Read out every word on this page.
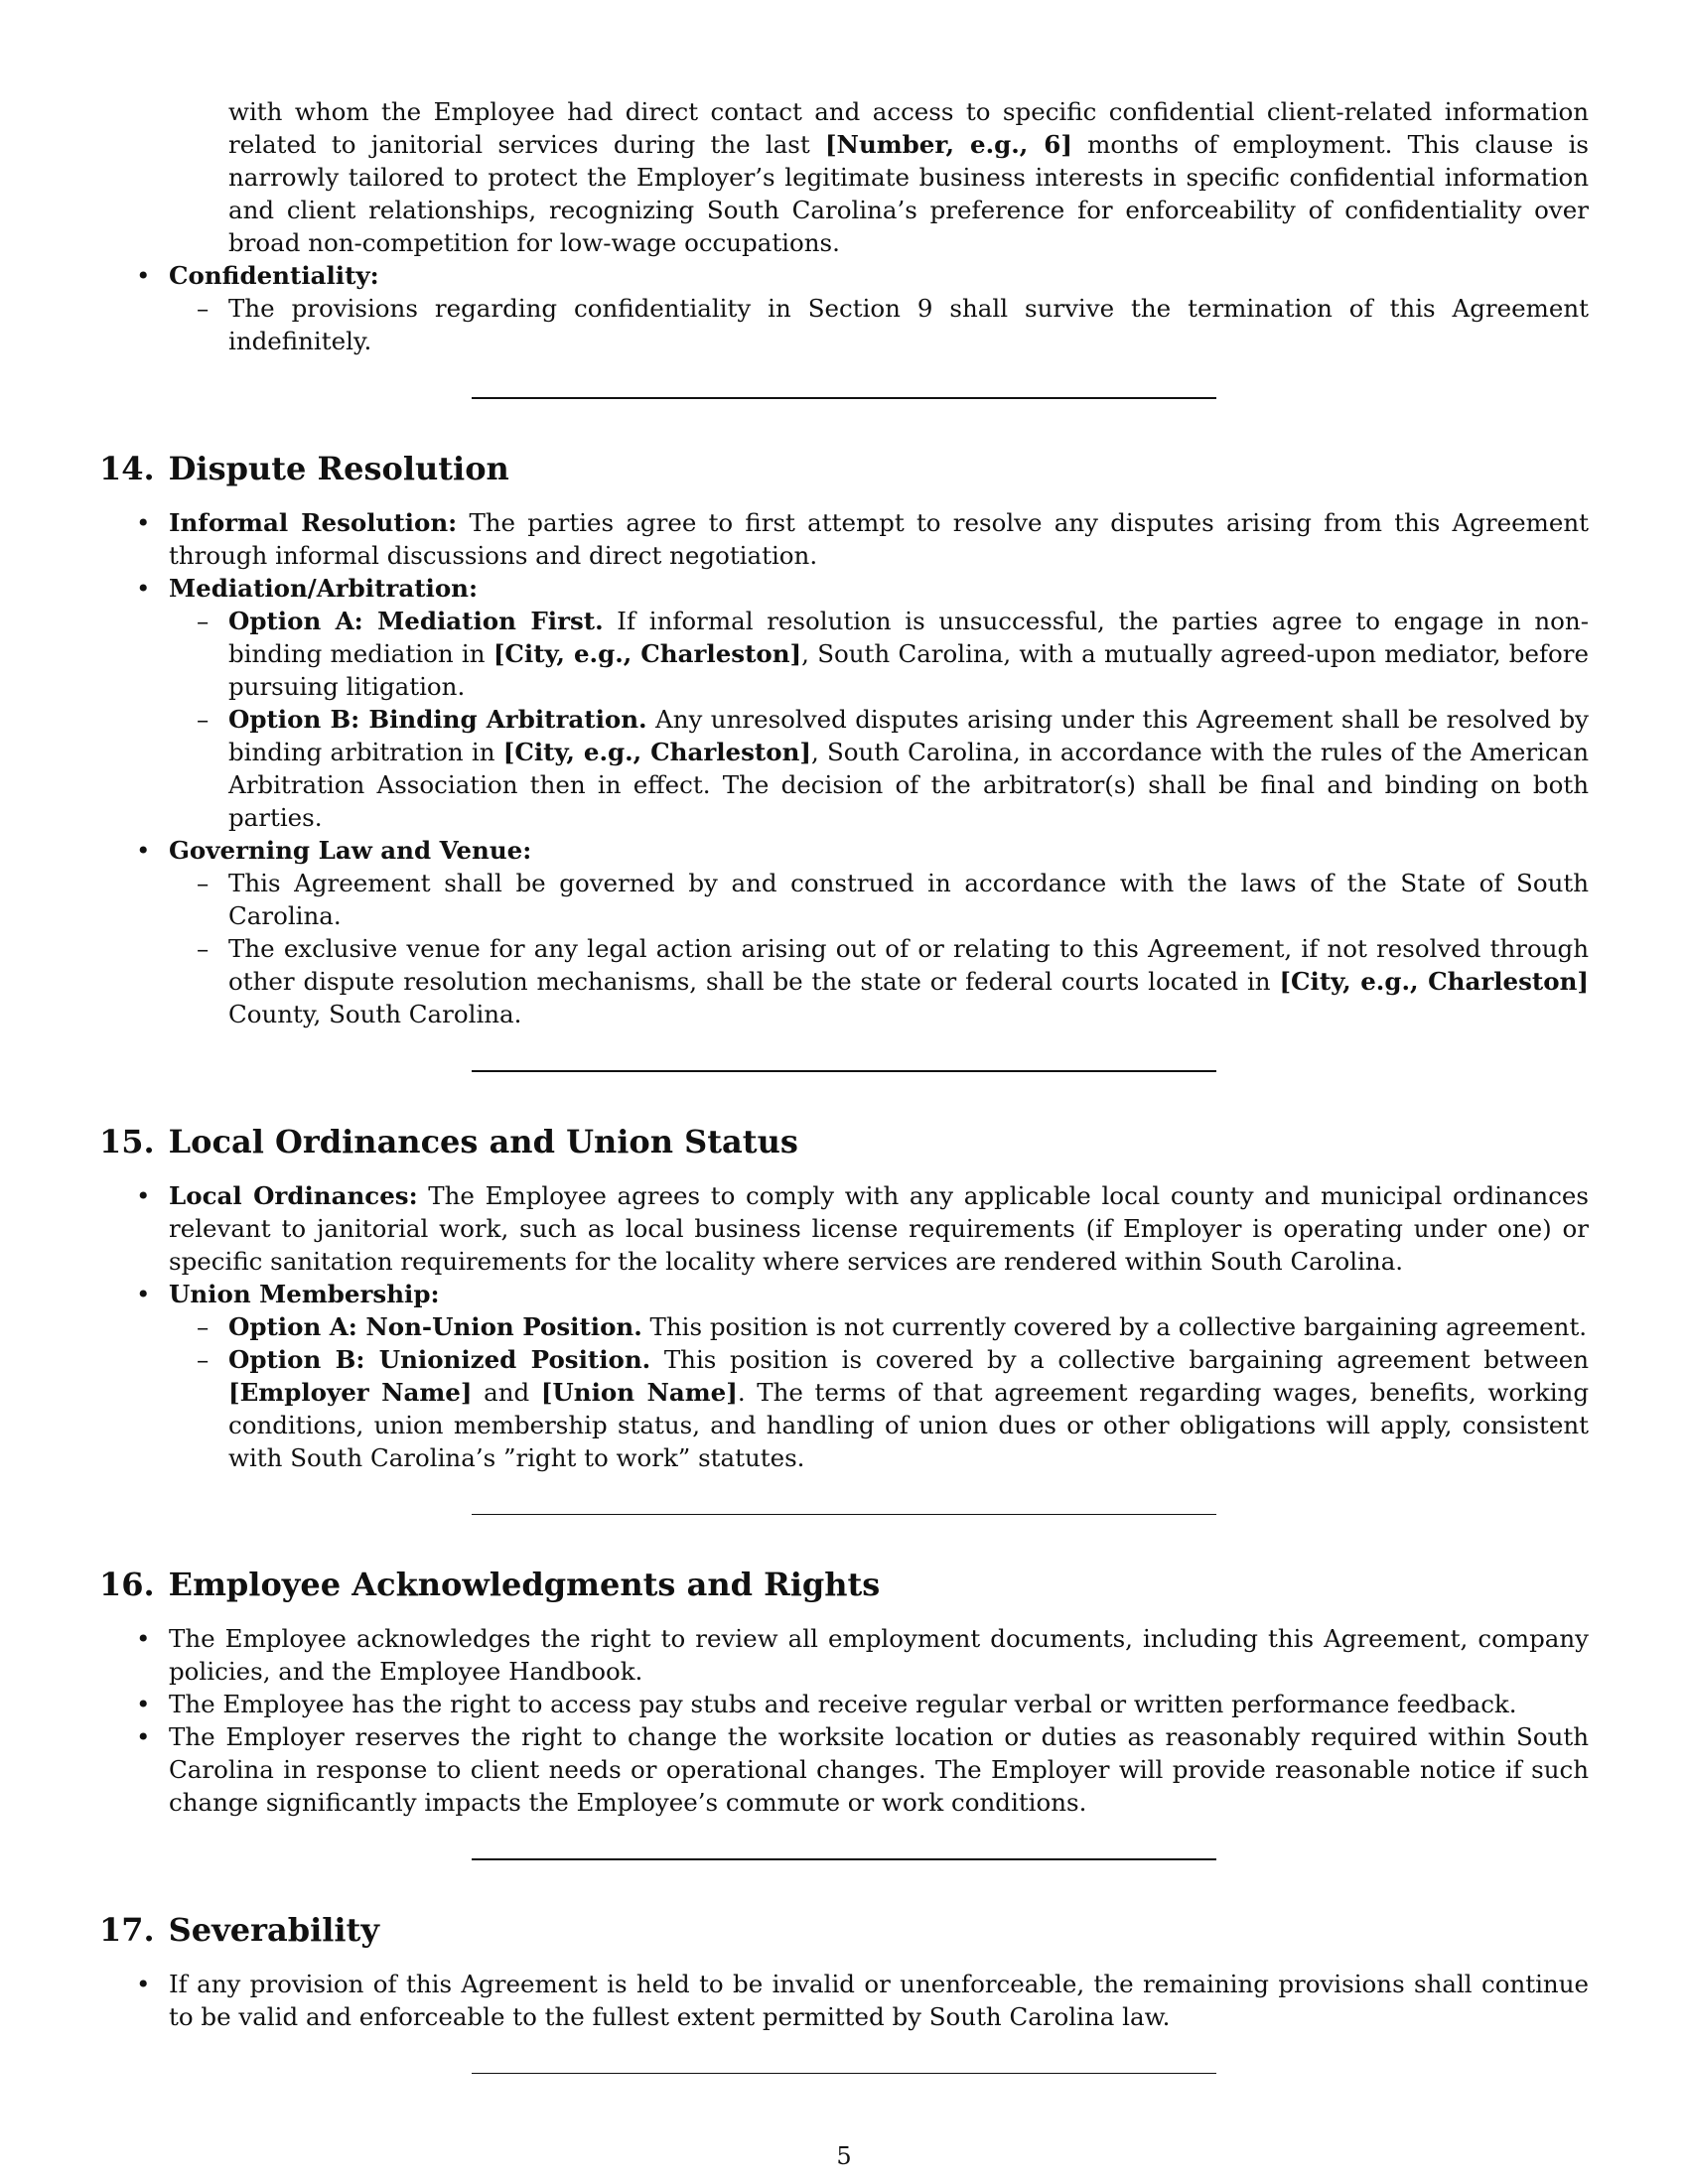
with whom the Employee had direct contact and access to specific confidential client-related information related to janitorial services during the last [Number, e.g., 6] months of employment. This clause is narrowly tailored to protect the Employer’s legitimate business interests in specific confidential information and client relationships, recognizing South Carolina’s preference for enforceability of confidentiality over broad non-competition for low-wage occupations.

• Confidentiality:
– The provisions regarding confidentiality in Section 9 shall survive the termination of this Agreement indefinitely.
14. Dispute Resolution
• Informal Resolution: The parties agree to first attempt to resolve any disputes arising from this Agreement through informal discussions and direct negotiation.
• Mediation/Arbitration:
– Option A: Mediation First. If informal resolution is unsuccessful, the parties agree to engage in non-binding mediation in [City, e.g., Charleston], South Carolina, with a mutually agreed-upon mediator, before pursuing litigation.
– Option B: Binding Arbitration. Any unresolved disputes arising under this Agreement shall be resolved by binding arbitration in [City, e.g., Charleston], South Carolina, in accordance with the rules of the American Arbitration Association then in effect. The decision of the arbitrator(s) shall be final and binding on both parties.
• Governing Law and Venue:
– This Agreement shall be governed by and construed in accordance with the laws of the State of South Carolina.
– The exclusive venue for any legal action arising out of or relating to this Agreement, if not resolved through other dispute resolution mechanisms, shall be the state or federal courts located in [City, e.g., Charleston] County, South Carolina.
15. Local Ordinances and Union Status
• Local Ordinances: The Employee agrees to comply with any applicable local county and municipal ordinances relevant to janitorial work, such as local business license requirements (if Employer is operating under one) or specific sanitation requirements for the locality where services are rendered within South Carolina.
• Union Membership:
– Option A: Non-Union Position. This position is not currently covered by a collective bargaining agreement.
– Option B: Unionized Position. This position is covered by a collective bargaining agreement between [Employer Name] and [Union Name]. The terms of that agreement regarding wages, benefits, working conditions, union membership status, and handling of union dues or other obligations will apply, consistent with South Carolina’s ”right to work” statutes.
16. Employee Acknowledgments and Rights
• The Employee acknowledges the right to review all employment documents, including this Agreement, company policies, and the Employee Handbook.
• The Employee has the right to access pay stubs and receive regular verbal or written performance feedback.
• The Employer reserves the right to change the worksite location or duties as reasonably required within South Carolina in response to client needs or operational changes. The Employer will provide reasonable notice if such change significantly impacts the Employee’s commute or work conditions.
17. Severability
• If any provision of this Agreement is held to be invalid or unenforceable, the remaining provisions shall continue to be valid and enforceable to the fullest extent permitted by South Carolina law.
5
